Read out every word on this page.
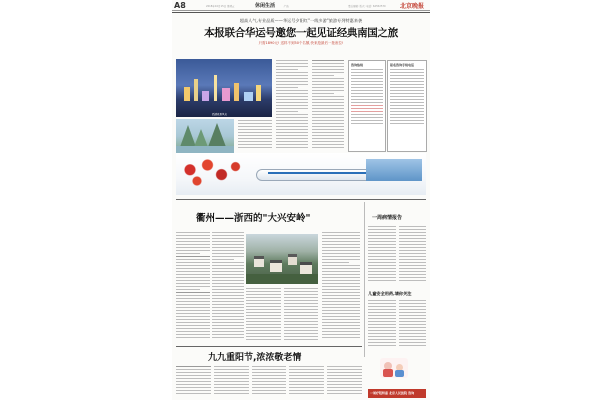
A8	2018年10月15日 星期五	休闲生活	·广告	责任编辑: 版式: 电话: 62552570 北京晚报
超高人气,专业品质——华运号夕阳红"一线多游"旅游专列特惠来袭
本报联合华运号邀您一起见证经典南国之旅
只需1890元! 送料不到50个名额,快来抢最后一批座位!
西湖夜景风光
咨询热线	报名咨询专线电话
衢州——浙西的"大兴安岭"	一周病情报告
儿童安全用药,请你关注
九九重阳节,浓浓敬老情
一周疗程特惠 北京人民医院 咨询
